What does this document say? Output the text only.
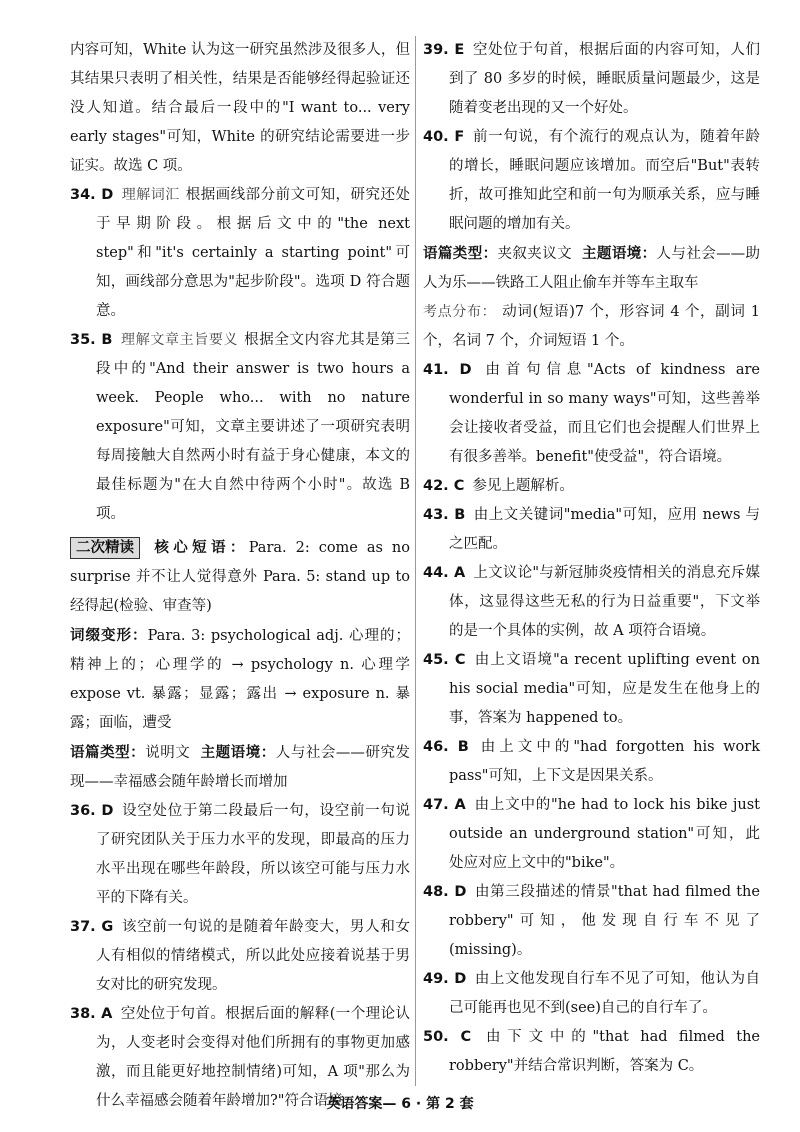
内容可知，White 认为这一研究虽然涉及很多人，但其结果只表明了相关性，结果是否能够经得起验证还没人知道。结合最后一段中的"I want to... very early stages"可知，White 的研究结论需要进一步证实。故选 C 项。

34. D 理解词汇 根据画线部分前文可知，研究还处于早期阶段。根据后文中的"the next step"和"it's certainly a starting point"可知，画线部分意思为"起步阶段"。选项 D 符合题意。
35. B 理解文章主旨要义 根据全文内容尤其是第三段中的"And their answer is two hours a week. People who... with no nature exposure"可知，文章主要讲述了一项研究表明每周接触大自然两小时有益于身心健康，本文的最佳标题为"在大自然中待两个小时"。故选 B 项。

二次精读 核心短语：Para. 2: come as no surprise 并不让人觉得意外 Para. 5: stand up to 经得起(检验、审查等)

词缀变形：Para. 3: psychological adj. 心理的；精神上的；心理学的 → psychology n. 心理学 expose vt. 暴露；显露；露出 → exposure n. 暴露；面临，遭受

语篇类型：说明文 主题语境：人与社会——研究发现——幸福感会随年龄增长而增加

36. D 设空处位于第二段最后一句，设空前一句说了研究团队关于压力水平的发现，即最高的压力水平出现在哪些年龄段，所以该空可能与压力水平的下降有关。
37. G 该空前一句说的是随着年龄变大，男人和女人有相似的情绪模式，所以此处应接着说基于男女对比的研究发现。
38. A 空处位于句首。根据后面的解释(一个理论认为，人变老时会变得对他们所拥有的事物更加感激，而且能更好地控制情绪)可知，A 项"那么为什么幸福感会随着年龄增加?"符合语境。
39. E 空处位于句首，根据后面的内容可知，人们到了 80 多岁的时候，睡眠质量问题最少，这是随着变老出现的又一个好处。
40. F 前一句说，有个流行的观点认为，随着年龄的增长，睡眠问题应该增加。而空后"But"表转折，故可推知此空和前一句为顺承关系，应与睡眠问题的增加有关。

语篇类型：夹叙夹议文 主题语境：人与社会——助人为乐——铁路工人阻止偷车并等车主取车

考点分布： 动词(短语)7 个，形容词 4 个，副词 1 个，名词 7 个，介词短语 1 个。

41. D 由首句信息"Acts of kindness are wonderful in so many ways"可知，这些善举会让接收者受益，而且它们也会提醒人们世界上有很多善举。benefit"使受益"，符合语境。
42. C 参见上题解析。
43. B 由上文关键词"media"可知，应用 news 与之匹配。
44. A 上文议论"与新冠肺炎疫情相关的消息充斥媒体，这显得这些无私的行为日益重要"，下文举的是一个具体的实例，故 A 项符合语境。
45. C 由上文语境"a recent uplifting event on his social media"可知，应是发生在他身上的事，答案为 happened to。
46. B 由上文中的"had forgotten his work pass"可知，上下文是因果关系。
47. A 由上文中的"he had to lock his bike just outside an underground station"可知，此处应对应上文中的"bike"。
48. D 由第三段描述的情景"that had filmed the robbery"可知，他发现自行车不见了(missing)。
49. D 由上文他发现自行车不见了可知，他认为自己可能再也见不到(see)自己的自行车了。
50. C 由下文中的"that had filmed the robbery"并结合常识判断，答案为 C。
英语答案— 6 · 第 2 套
